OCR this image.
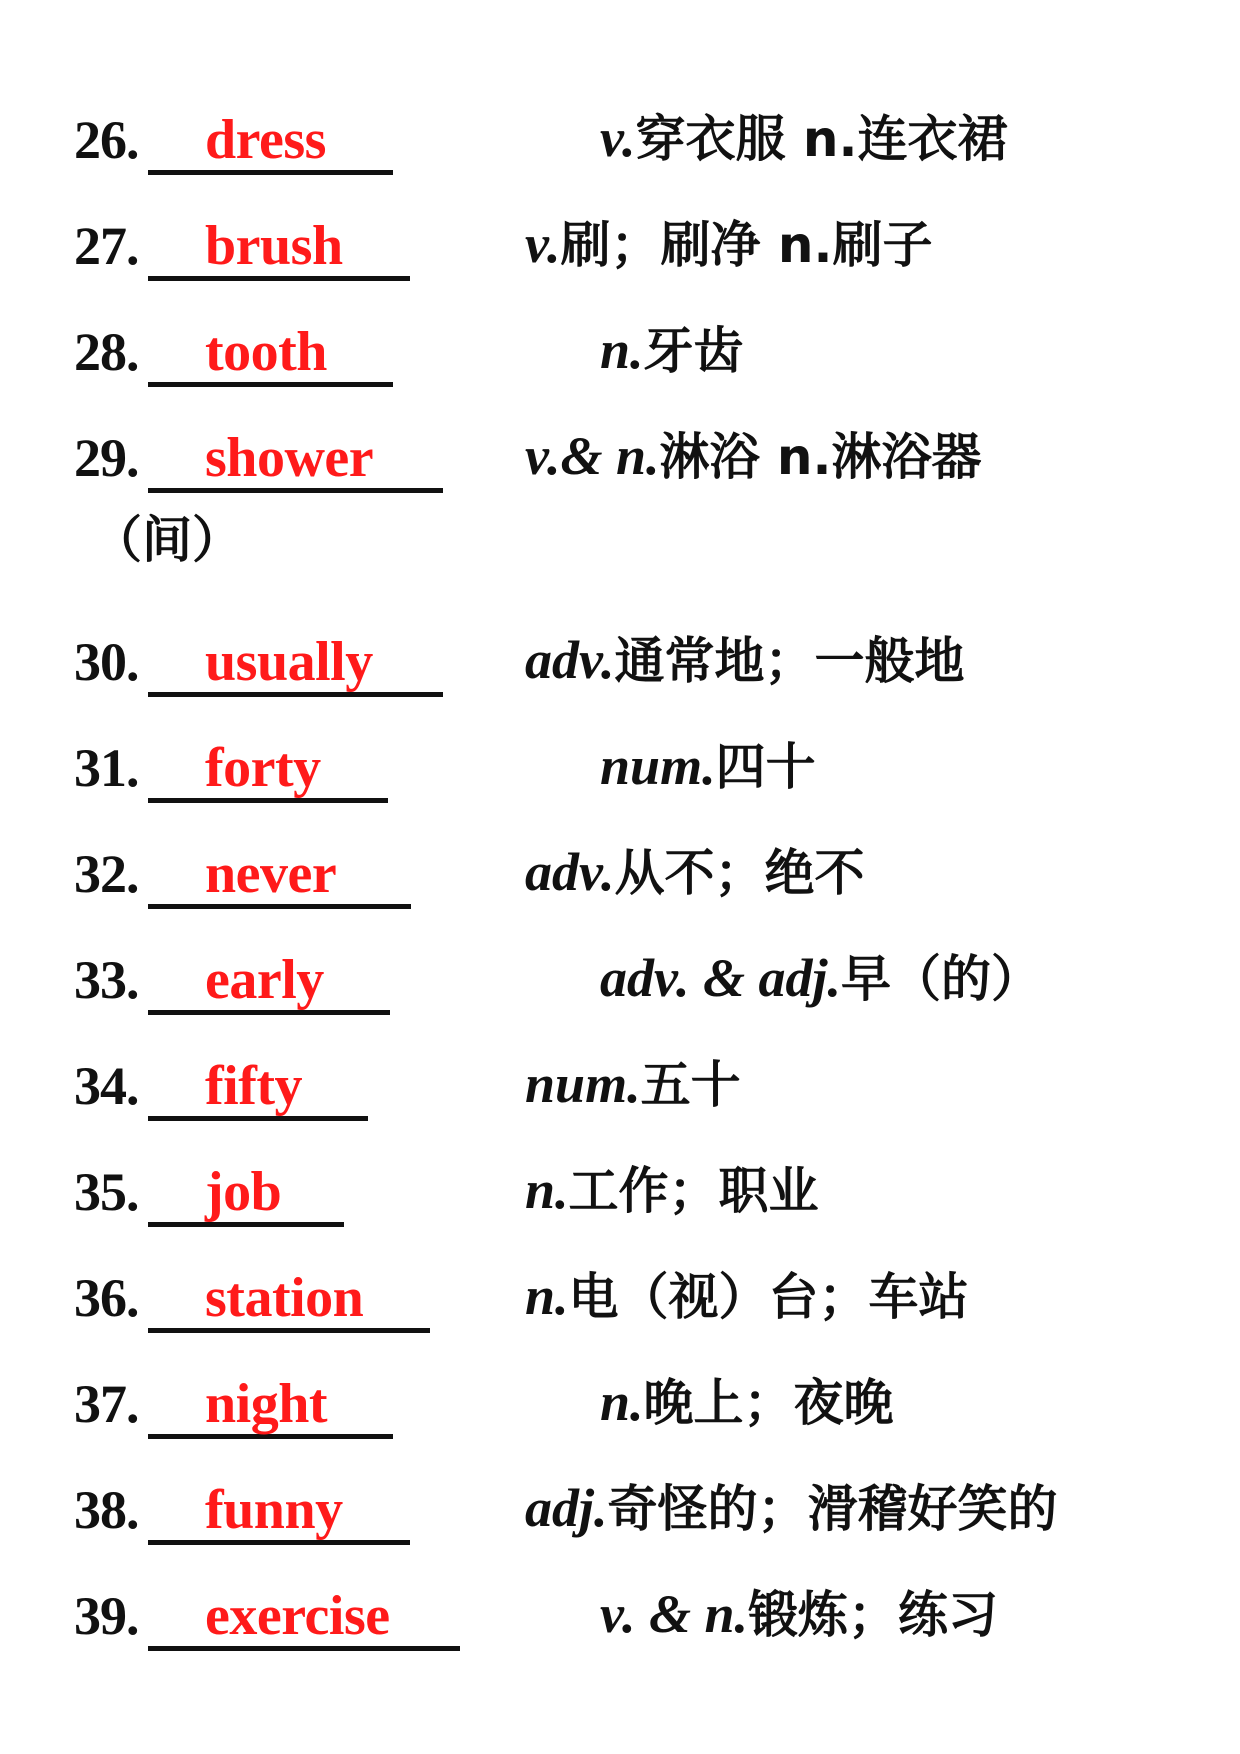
26. dress	v.穿衣服 n.连衣裙
27. brush	v.刷；刷净 n.刷子
28. tooth	n.牙齿
29. shower	v.& n.淋浴 n.淋浴器
（间）
30. usually	adv.通常地；一般地
31. forty	num.四十
32. never	adv.从不；绝不
33. early	adv. & adj.早（的）
34. fifty	num.五十
35. job	n.工作；职业
36. station	n.电（视）台；车站
37. night	n.晚上；夜晚
38. funny	adj.奇怪的；滑稽好笑的
39. exercise	v. & n.锻炼；练习
